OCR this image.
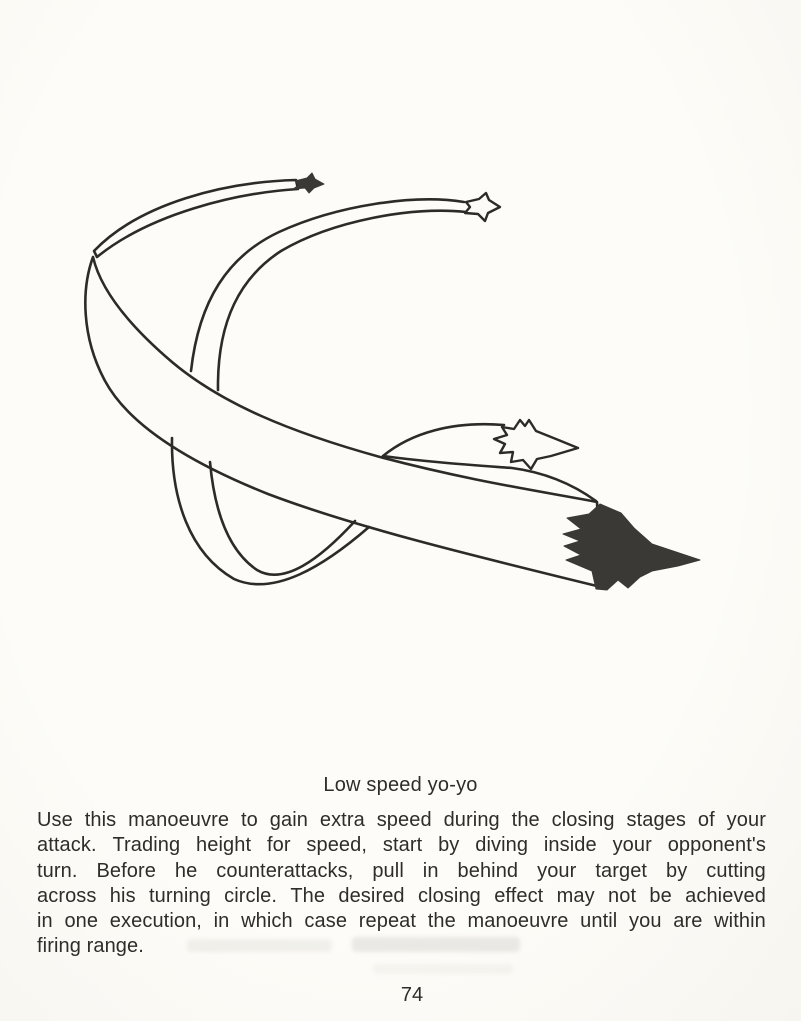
Low speed yo-yo
Use this manoeuvre to gain extra speed during the closing stages of your
attack. Trading height for speed, start by diving inside your opponent's
turn. Before he counterattacks, pull in behind your target by cutting
across his turning circle. The desired closing effect may not be achieved
in one execution, in which case repeat the manoeuvre until you are within
firing range.
74
